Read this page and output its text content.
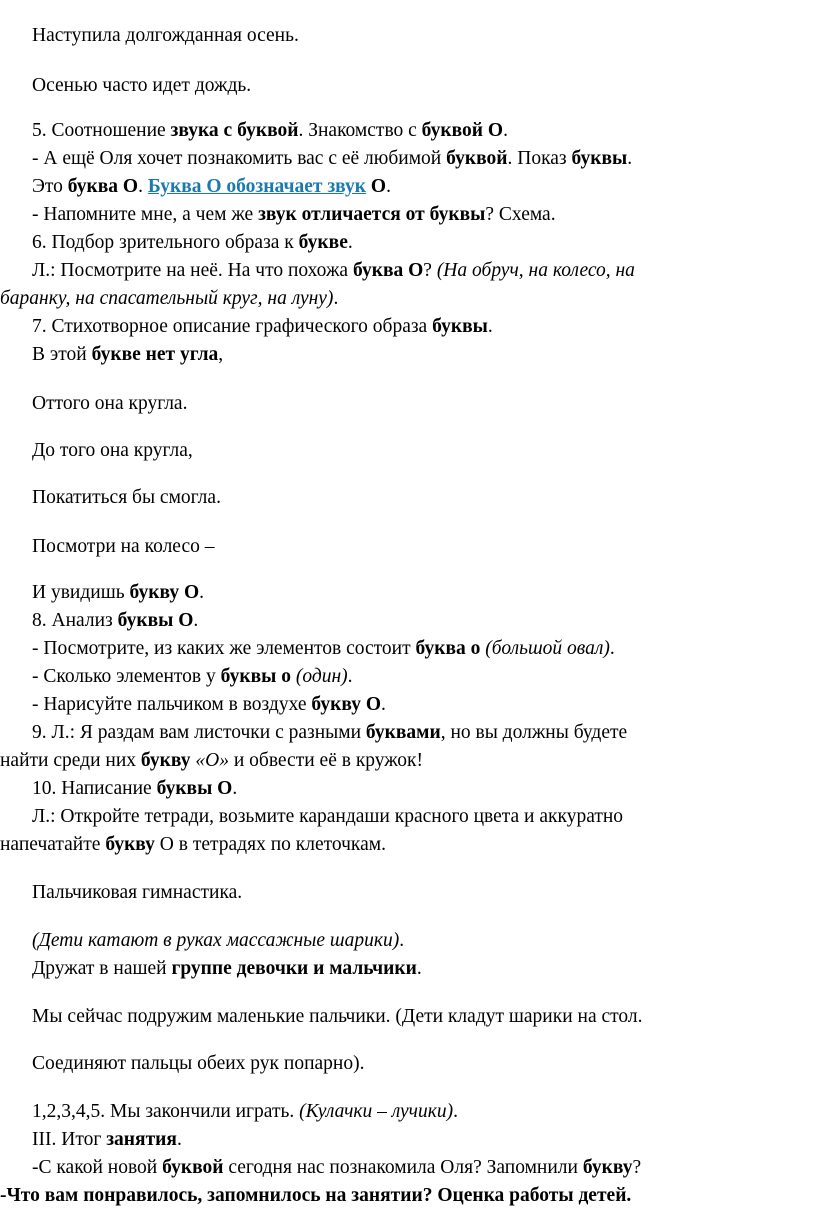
Наступила долгожданная осень.
Осенью часто идет дождь.
5. Соотношение звука с буквой. Знакомство с буквой О.
- А ещё Оля хочет познакомить вас с её любимой буквой. Показ буквы.
Это буква О. Буква О обозначает звук О.
- Напомните мне, а чем же звук отличается от буквы? Схема.
6. Подбор зрительного образа к букве.
Л.: Посмотрите на неё. На что похожа буква О? (На обруч, на колесо, на
баранку, на спасательный круг, на луну).
7. Стихотворное описание графического образа буквы.
В этой букве нет угла,
Оттого она кругла.
До того она кругла,
Покатиться бы смогла.
Посмотри на колесо –
И увидишь букву О.
8. Анализ буквы О.
- Посмотрите, из каких же элементов состоит буква о (большой овал).
- Сколько элементов у буквы о (один).
- Нарисуйте пальчиком в воздухе букву О.
9. Л.: Я раздам вам листочки с разными буквами, но вы должны будете
найти среди них букву «О» и обвести её в кружок!
10. Написание буквы О.
Л.: Откройте тетради, возьмите карандаши красного цвета и аккуратно
напечатайте букву О в тетрадях по клеточкам.
Пальчиковая гимнастика.
(Дети катают в руках массажные шарики).
Дружат в нашей группе девочки и мальчики.
Мы сейчас подружим маленькие пальчики. (Дети кладут шарики на стол.
Соединяют пальцы обеих рук попарно).
1,2,3,4,5. Мы закончили играть. (Кулачки – лучики).
III. Итог занятия.
-С какой новой буквой сегодня нас познакомила Оля? Запомнили букву?
-Что вам понравилось, запомнилось на занятии? Оценка работы детей.
